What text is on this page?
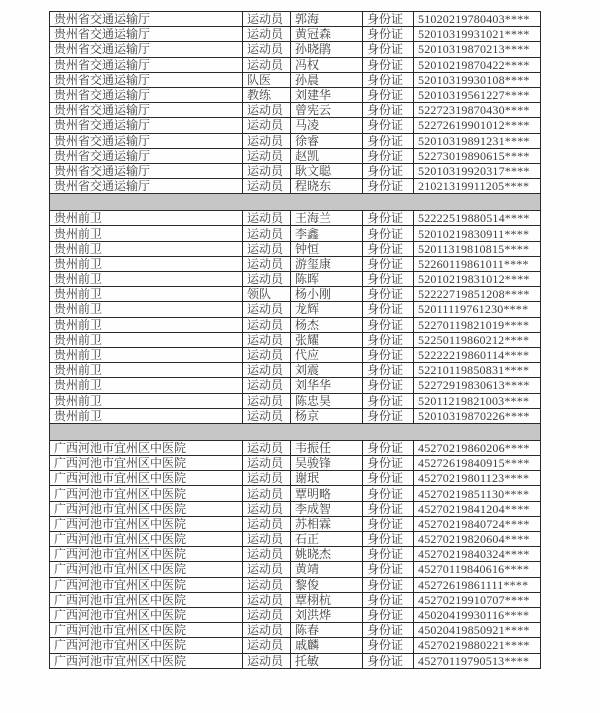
贵州省交通运输厅	运动员	郭海	身份证	51020219780403****
贵州省交通运输厅	运动员	黄冠森	身份证	52010319931021****
贵州省交通运输厅	运动员	孙晓鹃	身份证	52010319870213****
贵州省交通运输厅	运动员	冯权	身份证	52010219870422****
贵州省交通运输厅	队医	孙晨	身份证	52010319930108****
贵州省交通运输厅	教练	刘建华	身份证	52010319561227****
贵州省交通运输厅	运动员	曾宪云	身份证	52272319870430****
贵州省交通运输厅	运动员	马凌	身份证	52272619901012****
贵州省交通运输厅	运动员	徐睿	身份证	52010319891231****
贵州省交通运输厅	运动员	赵凯	身份证	52273019890615****
贵州省交通运输厅	运动员	耿文聪	身份证	52010319920317****
贵州省交通运输厅	运动员	程晓东	身份证	21021319911205****

贵州前卫	运动员	王海兰	身份证	52222519880514****
贵州前卫	运动员	李鑫	身份证	52010219830911****
贵州前卫	运动员	钟恒	身份证	52011319810815****
贵州前卫	运动员	游玺康	身份证	52260119861011****
贵州前卫	运动员	陈晖	身份证	52010219831012****
贵州前卫	领队	杨小刚	身份证	52222719851208****
贵州前卫	运动员	龙辉	身份证	52011119761230****
贵州前卫	运动员	杨杰	身份证	52270119821019****
贵州前卫	运动员	张耀	身份证	52250119860212****
贵州前卫	运动员	代应	身份证	52222219860114****
贵州前卫	运动员	刘震	身份证	52210119850831****
贵州前卫	运动员	刘华华	身份证	52272919830613****
贵州前卫	运动员	陈忠昊	身份证	52011219821003****
贵州前卫	运动员	杨京	身份证	52010319870226****

广西河池市宜州区中医院	运动员	韦振任	身份证	45270219860206****
广西河池市宜州区中医院	运动员	吴骏锋	身份证	45272619840915****
广西河池市宜州区中医院	运动员	谢珉	身份证	45270219801123****
广西河池市宜州区中医院	运动员	覃明略	身份证	45270219851130****
广西河池市宜州区中医院	运动员	李成智	身份证	45270219841204****
广西河池市宜州区中医院	运动员	苏相霖	身份证	45270219840724****
广西河池市宜州区中医院	运动员	石正	身份证	45270219820604****
广西河池市宜州区中医院	运动员	姚晓杰	身份证	45270219840324****
广西河池市宜州区中医院	运动员	黄靖	身份证	45270119840616****
广西河池市宜州区中医院	运动员	黎俊	身份证	45272619861111****
广西河池市宜州区中医院	运动员	覃栩杭	身份证	45270219910707****
广西河池市宜州区中医院	运动员	刘洪烨	身份证	45020419930116****
广西河池市宜州区中医院	运动员	陈春	身份证	45020419850921****
广西河池市宜州区中医院	运动员	戚麟	身份证	45270219880221****
广西河池市宜州区中医院	运动员	托敏	身份证	45270119790513****
